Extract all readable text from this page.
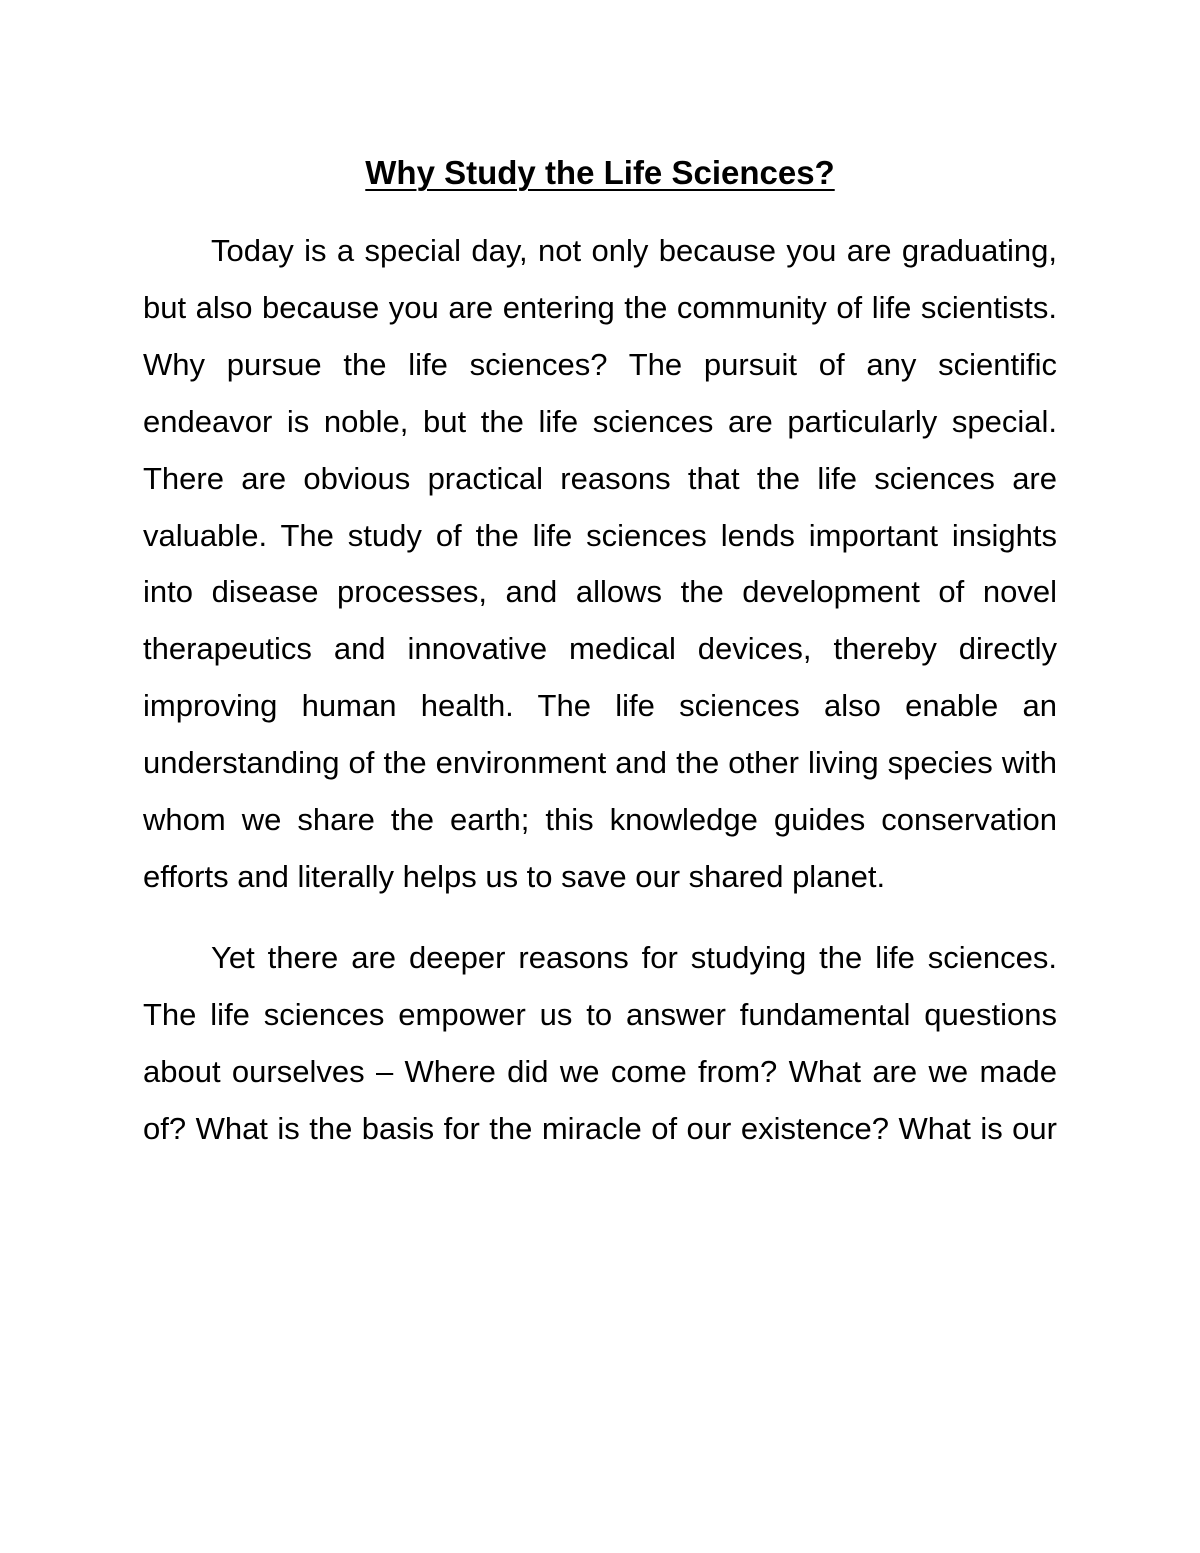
Why Study the Life Sciences?

Today is a special day, not only because you are graduating, but also because you are entering the community of life scientists. Why pursue the life sciences? The pursuit of any scientific endeavor is noble, but the life sciences are particularly special. There are obvious practical reasons that the life sciences are valuable. The study of the life sciences lends important insights into disease processes, and allows the development of novel therapeutics and innovative medical devices, thereby directly improving human health. The life sciences also enable an understanding of the environment and the other living species with whom we share the earth; this knowledge guides conservation efforts and literally helps us to save our shared planet.

Yet there are deeper reasons for studying the life sciences. The life sciences empower us to answer fundamental questions about ourselves – Where did we come from? What are we made of? What is the basis for the miracle of our existence? What is our
